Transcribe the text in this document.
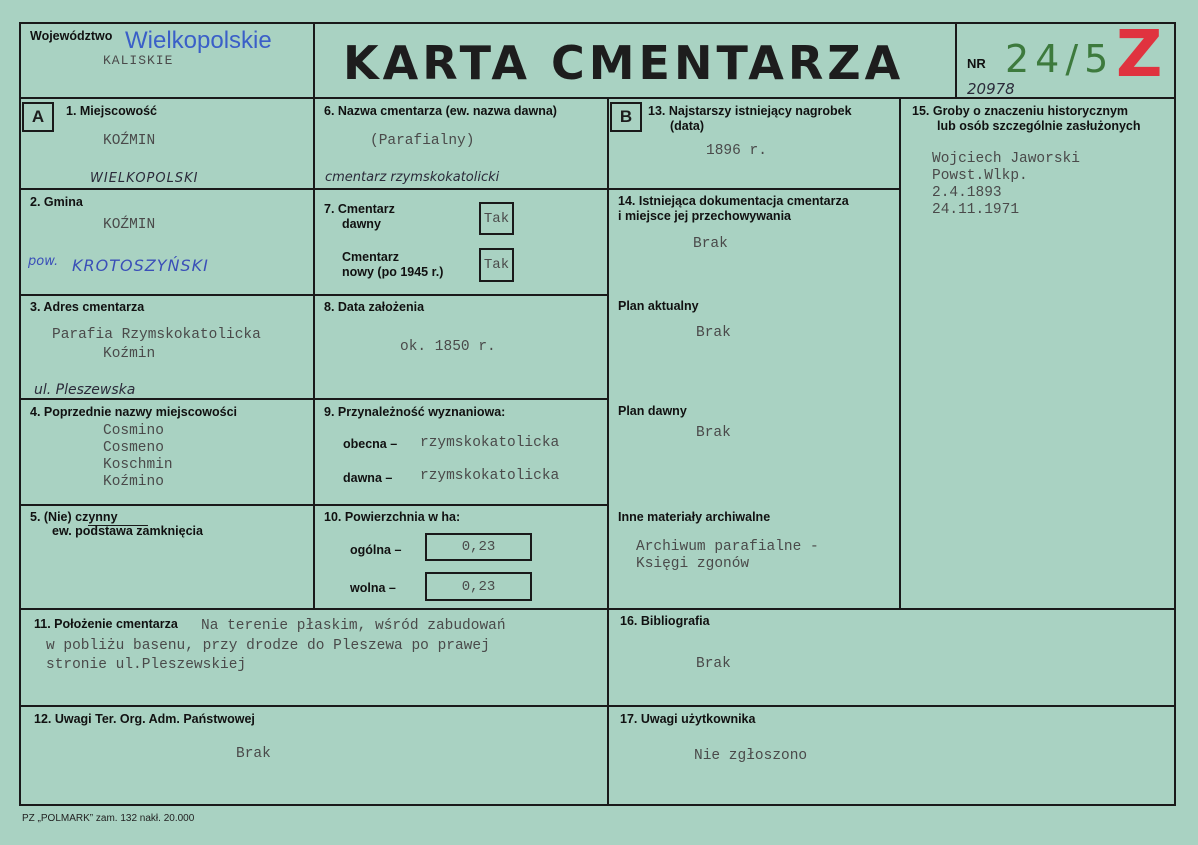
Województwo Wielkopolskie
KALISKIE	KARTA CMENTARZA	NR 24/5 Z
20978
A	1. Miejscowość
KOŹMIN
WIELKOPOLSKI
2. Gmina
KOŹMIN
pow. KROTOSZYŃSKI
3. Adres cmentarza
Parafia Rzymskokatolicka
Koźmin
ul. Pleszewska
4. Poprzednie nazwy miejscowości
Cosmino
Cosmeno
Koschmin
Koźmino
5. (Nie) czynny
ew. podstawa zamknięcia
6. Nazwa cmentarza (ew. nazwa dawna)
(Parafialny)
cmentarz rzymskokatolicki
7. Cmentarz
dawny	Tak
Cmentarz
nowy (po 1945 r.)	Tak
8. Data założenia
ok. 1850 r.
9. Przynależność wyznaniowa:
obecna – rzymskokatolicka
dawna – rzymskokatolicka
10. Powierzchnia w ha:
ogólna –	0,23
wolna –	0,23
B	13. Najstarszy istniejący nagrobek
(data)
1896 r.
14. Istniejąca dokumentacja cmentarza
i miejsce jej przechowywania
Brak
Plan aktualny
Brak
Plan dawny
Brak
Inne materiały archiwalne
Archiwum parafialne -
Księgi zgonów
15. Groby o znaczeniu historycznym
lub osób szczególnie zasłużonych
Wojciech Jaworski
Powst.Wlkp.
2.4.1893
24.11.1971
11. Położenie cmentarza Na terenie płaskim, wśród zabudowań
w pobliżu basenu, przy drodze do Pleszewa po prawej
stronie ul.Pleszewskiej
16. Bibliografia
Brak
12. Uwagi Ter. Org. Adm. Państwowej
Brak
17. Uwagi użytkownika
Nie zgłoszono
PZ „POLMARK” zam. 132 nakł. 20.000
